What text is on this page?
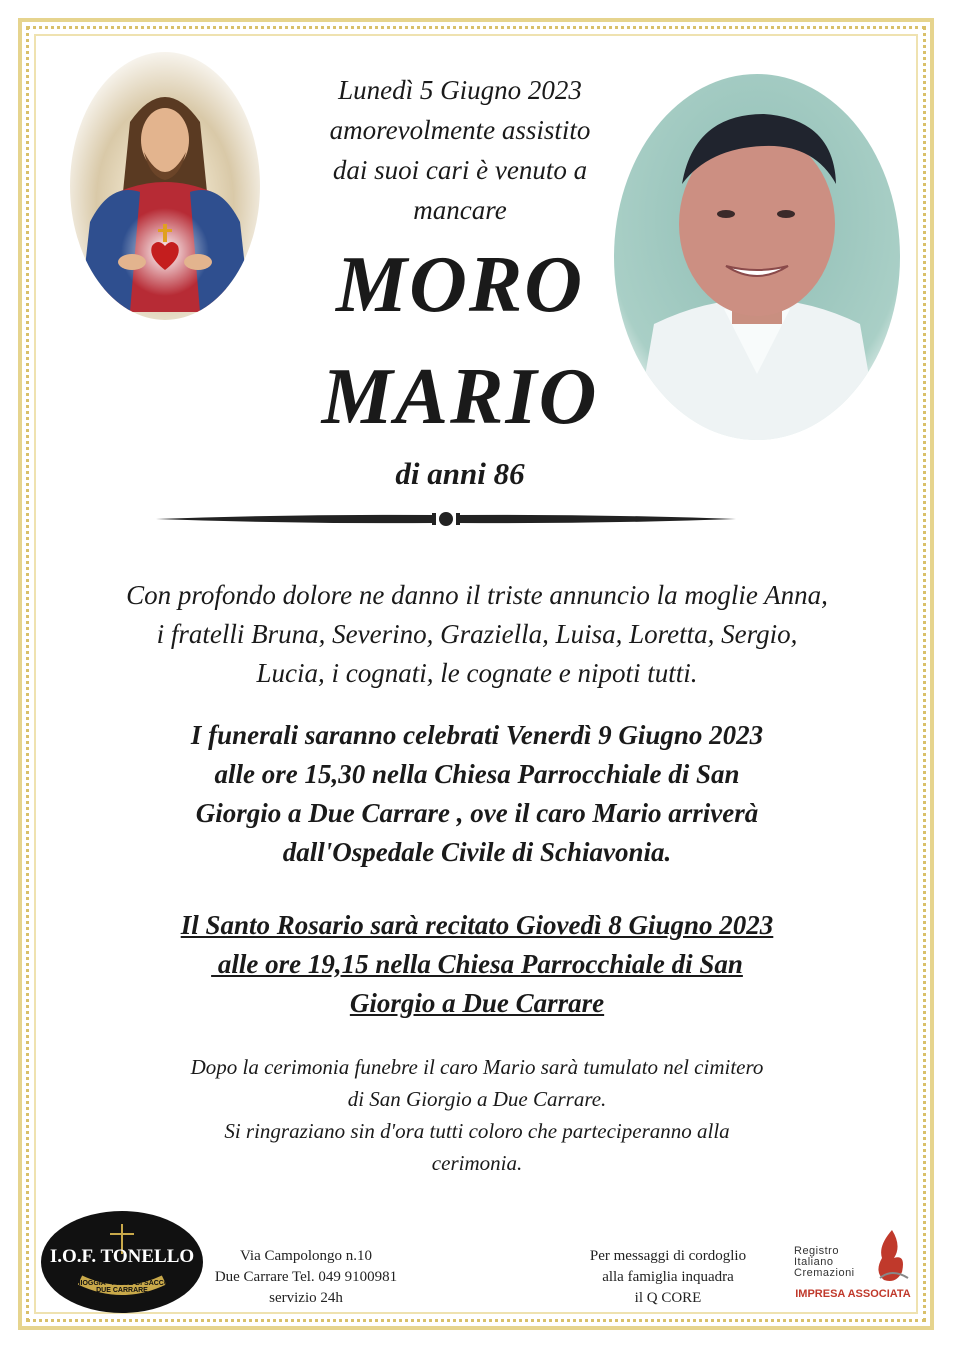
Lunedì 5 Giugno 2023
amorevolmente assistito
dai suoi cari è venuto a
mancare
MORO
MARIO
di anni 86
Con profondo dolore ne danno il triste annuncio la moglie Anna,
i fratelli Bruna, Severino, Graziella, Luisa, Loretta, Sergio,
Lucia, i cognati, le cognate e nipoti tutti.
I funerali saranno celebrati Venerdì 9 Giugno 2023
alle ore 15,30 nella Chiesa Parrocchiale di San
Giorgio a Due Carrare , ove il caro Mario arriverà
dall'Ospedale Civile di Schiavonia.
Il Santo Rosario sarà recitato Giovedì 8 Giugno 2023
alle ore 19,15 nella Chiesa Parrocchiale di San
Giorgio a Due Carrare
Dopo la cerimonia funebre il caro Mario sarà tumulato nel cimitero
di San Giorgio a Due Carrare.
Si ringraziano sin d'ora tutti coloro che parteciperanno alla
cerimonia.
I.O.F. TONELLO
CHIOGGIA - PIOVE DI SACCO - DUE CARRARE
Via Campolongo n.10
Due Carrare Tel. 049 9100981
servizio 24h
Per messaggi di cordoglio
alla famiglia inquadra
il Q CORE
Registro
Italiano
Cremazioni
IMPRESA ASSOCIATA
